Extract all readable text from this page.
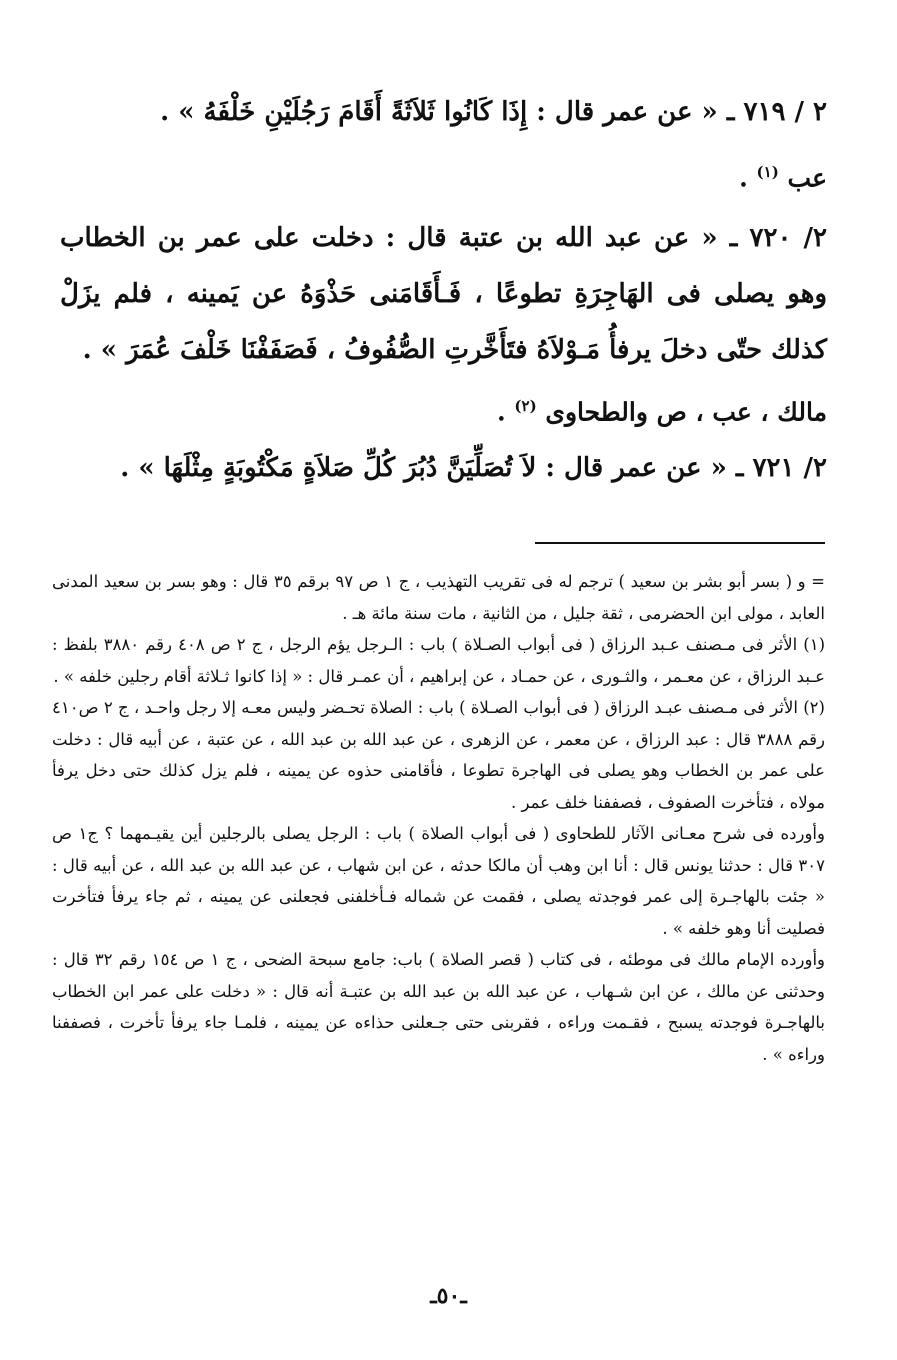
٢ / ٧١٩ ـ « عن عمر قال : إِذَا كَانُوا ثَلاَثَةً أَقَامَ رَجُلَيْنِ خَلْفَهُ » .
عب $^{(١)}$ .
٢/ ٧٢٠ ـ « عن عبد الله بن عتبة قال : دخلت على عمر بن الخطاب وهو يصلى فى الهَاجِرَةِ تطوعًا ، فَـأَقَامَنى حَذْوَهُ عن يَمينه ، فلم يزَلْ كذلك حتّى دخلَ يرفأُ مَـوْلاَهُ فتَأَخَّرتِ الصُّفُوفُ ، فَصَفَفْنَا خَلْفَ عُمَرَ » .
مالك ، عب ، ص والطحاوى $^{(٢)}$ .
٢/ ٧٢١ ـ « عن عمر قال : لاَ تُصَلِّيَنَّ دُبُرَ كُلِّ صَلاَةٍ مَكْتُوبَةٍ مِثْلَهَا » .

= و ( بسر أبو بشر بن سعيد ) ترجم له فى تقريب التهذيب ، ج ١ ص ٩٧ برقم ٣٥ قال : وهو بسر بن سعيد المدنى العابد ، مولى ابن الحضرمى ، ثقة جليل ، من الثانية ، مات سنة مائة هـ .

(١) الأثر فى مـصنف عـبد الرزاق ( فى أبواب الصـلاة ) باب : الـرجل يؤم الرجل ، ج ٢ ص ٤٠٨ رقم ٣٨٨٠ بلفظ : عـبد الرزاق ، عن معـمر ، والثـورى ، عن حمـاد ، عن إبراهيم ، أن عمـر قال : « إذا كانوا ثـلاثة أقام رجلين خلفه » .

(٢) الأثر فى مـصنف عبـد الرزاق ( فى أبواب الصـلاة ) باب : الصلاة تحـضر وليس معـه إلا رجل واحـد ، ج ٢ ص٤١٠ رقم ٣٨٨٨ قال : عبد الرزاق ، عن معمر ، عن الزهرى ، عن عبد الله بن عبد الله ، عن عتبة ، عن أبيه قال : دخلت على عمر بن الخطاب وهو يصلى فى الهاجرة تطوعا ، فأقامنى حذوه عن يمينه ، فلم يزل كذلك حتى دخل يرفأ مولاه ، فتأخرت الصفوف ، فصففنا خلف عمر .

وأورده فى شرح معـانى الآثار للطحاوى ( فى أبواب الصلاة ) باب : الرجل يصلى بالرجلين أين يقيـمهما ؟ ج١ ص ٣٠٧ قال : حدثنا يونس قال : أنا ابن وهب أن مالكا حدثه ، عن ابن شهاب ، عن عبد الله بن عبد الله ، عن أبيه قال : « جئت بالهاجـرة إلى عمر فوجدته يصلى ، فقمت عن شماله فـأخلفنى فجعلنى عن يمينه ، ثم جاء يرفأ فتأخرت فصليت أنا وهو خلفه » .

وأورده الإمام مالك فى موطئه ، فى كتاب ( قصر الصلاة ) باب: جامع سبحة الضحى ، ج ١ ص ١٥٤ رقم ٣٢ قال : وحدثنى عن مالك ، عن ابن شـهاب ، عن عبد الله بن عبد الله بن عتبـة أنه قال : « دخلت على عمر ابن الخطاب بالهاجـرة فوجدته يسبح ، فقـمت وراءه ، فقربنى حتى جـعلنى حذاءه عن يمينه ، فلمـا جاء يرفأ تأخرت ، فصففنا وراءه » .

ـ٥٠ـ
